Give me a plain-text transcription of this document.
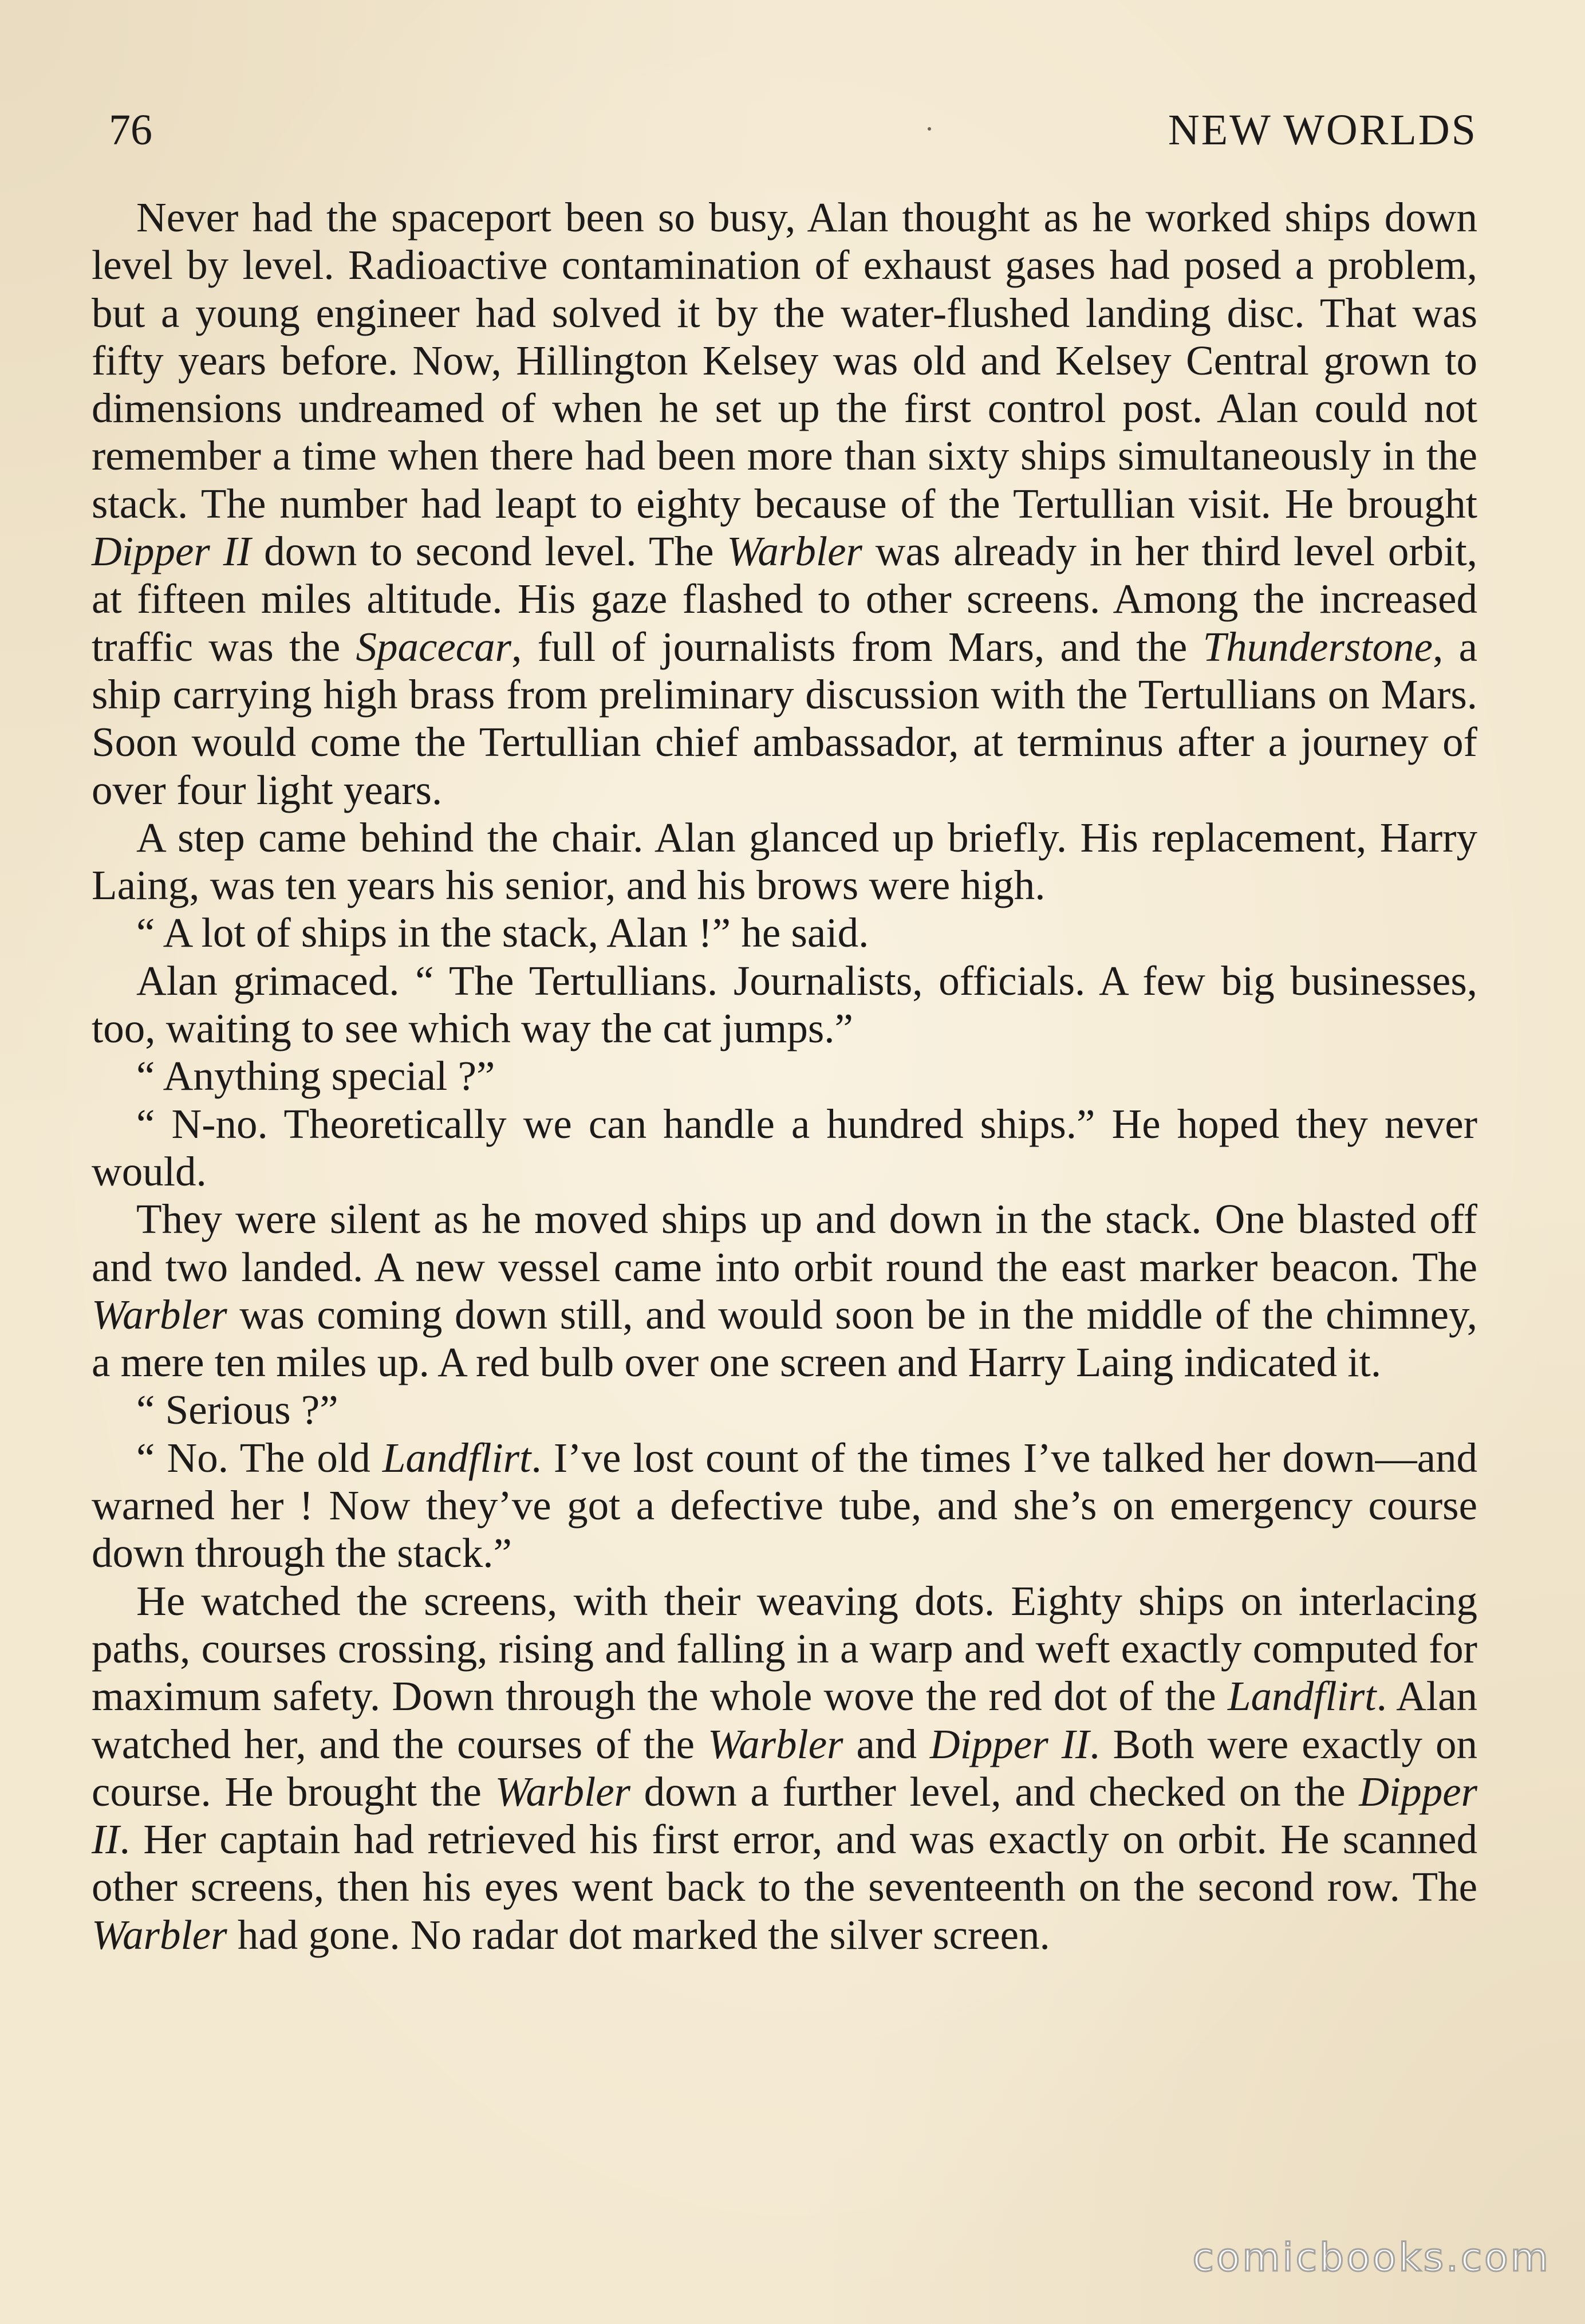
76	NEW WORLDS

Never had the spaceport been so busy, Alan thought as he worked ships down level by level. Radioactive contamination of exhaust gases had posed a problem, but a young engineer had solved it by the water-flushed landing disc. That was fifty years before. Now, Hillington Kelsey was old and Kelsey Central grown to dimensions undreamed of when he set up the first control post. Alan could not remember a time when there had been more than sixty ships simultaneously in the stack. The number had leapt to eighty because of the Tertullian visit. He brought Dipper II down to second level. The Warbler was already in her third level orbit, at fifteen miles altitude. His gaze flashed to other screens. Among the increased traffic was the Spacecar, full of journalists from Mars, and the Thunderstone, a ship carrying high brass from preliminary discussion with the Tertullians on Mars. Soon would come the Tertullian chief ambassador, at terminus after a journey of over four light years.

A step came behind the chair. Alan glanced up briefly. His replacement, Harry Laing, was ten years his senior, and his brows were high.

“ A lot of ships in the stack, Alan !” he said.

Alan grimaced. “ The Tertullians. Journalists, officials. A few big businesses, too, waiting to see which way the cat jumps.”

“ Anything special ?”

“ N-no. Theoretically we can handle a hundred ships.” He hoped they never would.

They were silent as he moved ships up and down in the stack. One blasted off and two landed. A new vessel came into orbit round the east marker beacon. The Warbler was coming down still, and would soon be in the middle of the chimney, a mere ten miles up. A red bulb over one screen and Harry Laing indicated it.

“ Serious ?”

“ No. The old Landflirt. I’ve lost count of the times I’ve talked her down—and warned her ! Now they’ve got a defective tube, and she’s on emergency course down through the stack.”

He watched the screens, with their weaving dots. Eighty ships on interlacing paths, courses crossing, rising and falling in a warp and weft exactly computed for maximum safety. Down through the whole wove the red dot of the Landflirt. Alan watched her, and the courses of the Warbler and Dipper II. Both were exactly on course. He brought the Warbler down a further level, and checked on the Dipper II. Her captain had retrieved his first error, and was exactly on orbit. He scanned other screens, then his eyes went back to the seventeenth on the second row. The Warbler had gone. No radar dot marked the silver screen.

comicbooks.com
